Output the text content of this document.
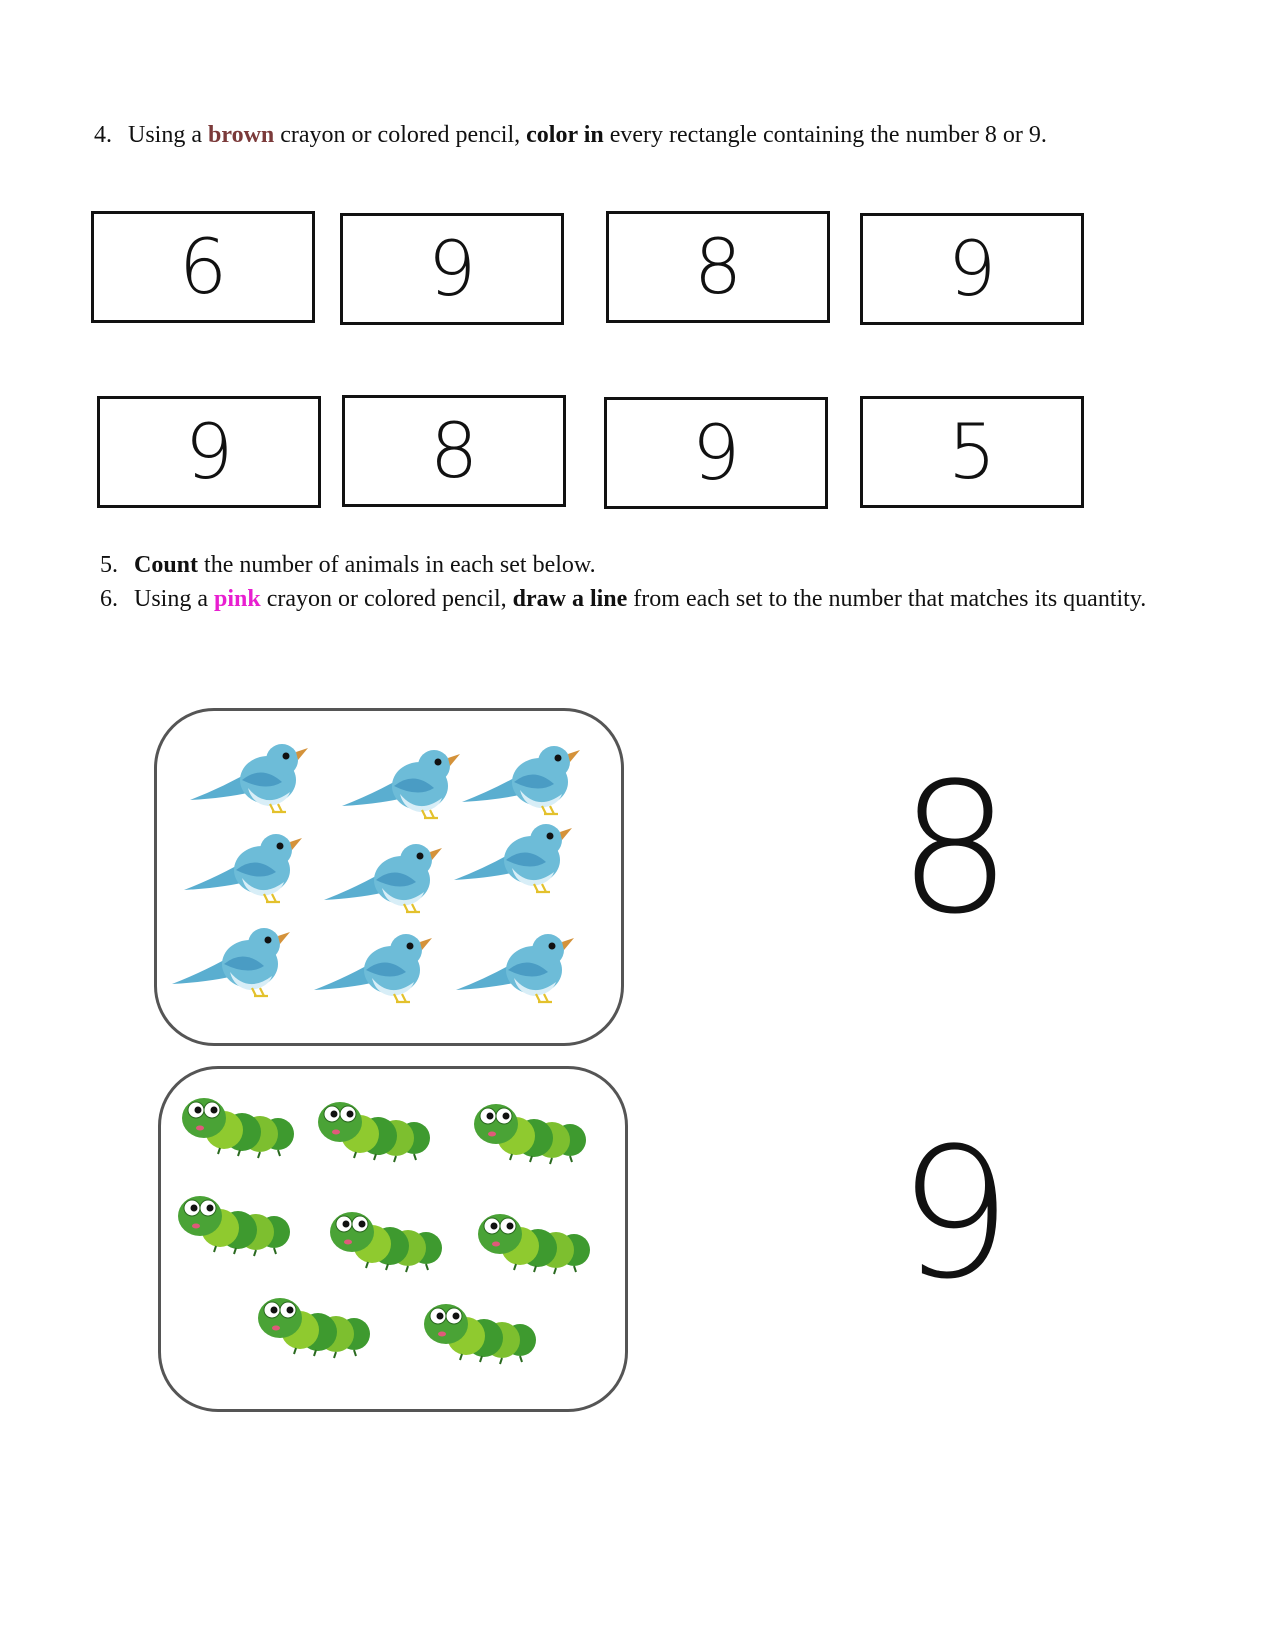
4. Using a brown crayon or colored pencil, color in every rectangle containing the number 8 or 9.
6	9	8	9
9	8	9	5
5. Count the number of animals in each set below.
6. Using a pink crayon or colored pencil, draw a line from each set to the number that matches its quantity.
8
9
